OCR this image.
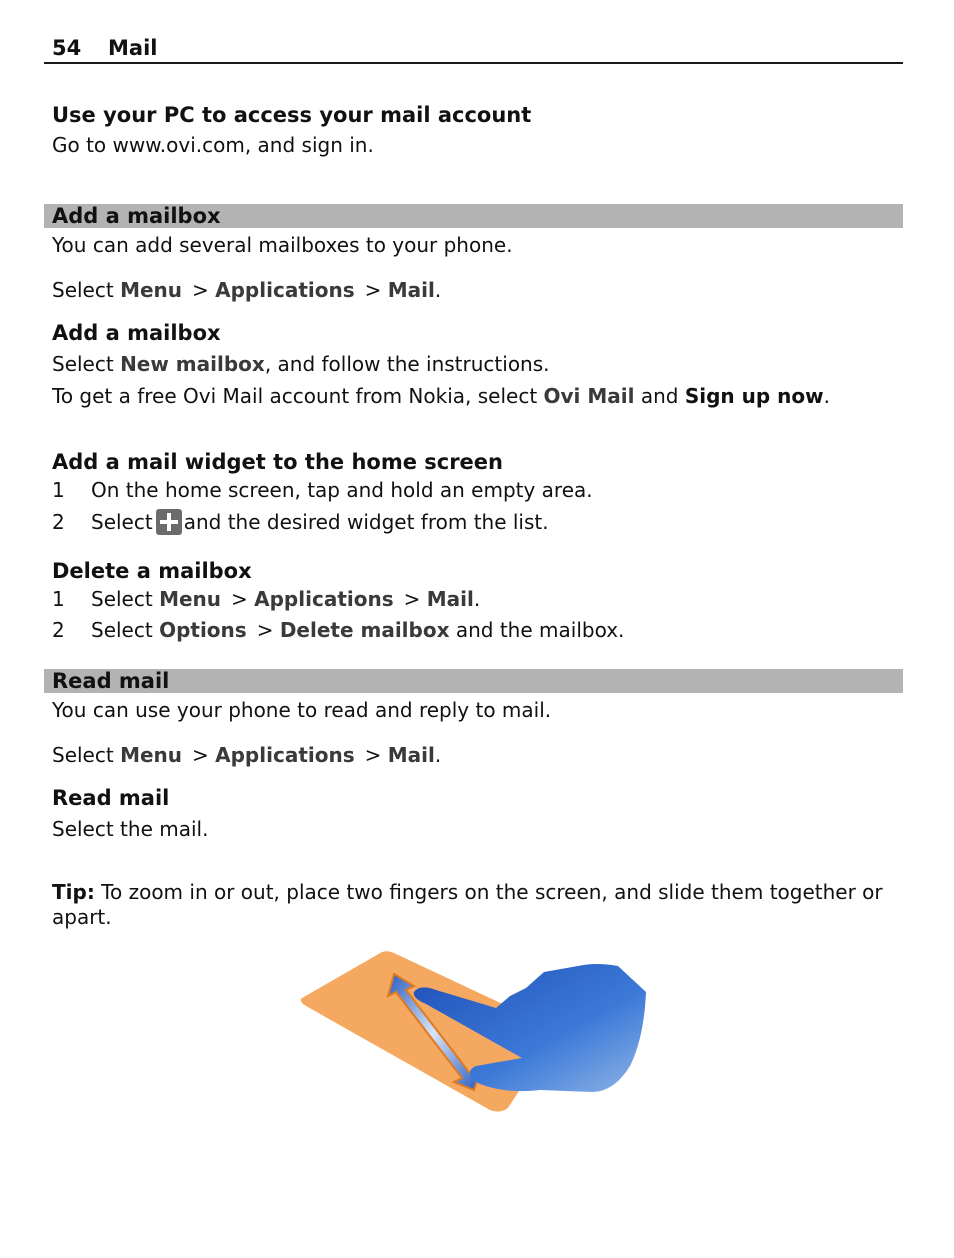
54 Mail
Use your PC to access your mail account
Go to www.ovi.com, and sign in.
Add a mailbox
You can add several mailboxes to your phone.
Select Menu > Applications > Mail.
Add a mailbox
Select New mailbox, and follow the instructions.
To get a free Ovi Mail account from Nokia, select Ovi Mail and Sign up now.
Add a mail widget to the home screen
1 On the home screen, tap and hold an empty area.
2 Select and the desired widget from the list.
Delete a mailbox
1 Select Menu > Applications > Mail.
2 Select Options > Delete mailbox and the mailbox.
Read mail
You can use your phone to read and reply to mail.
Select Menu > Applications > Mail.
Read mail
Select the mail.
Tip: To zoom in or out, place two fingers on the screen, and slide them together or apart.
